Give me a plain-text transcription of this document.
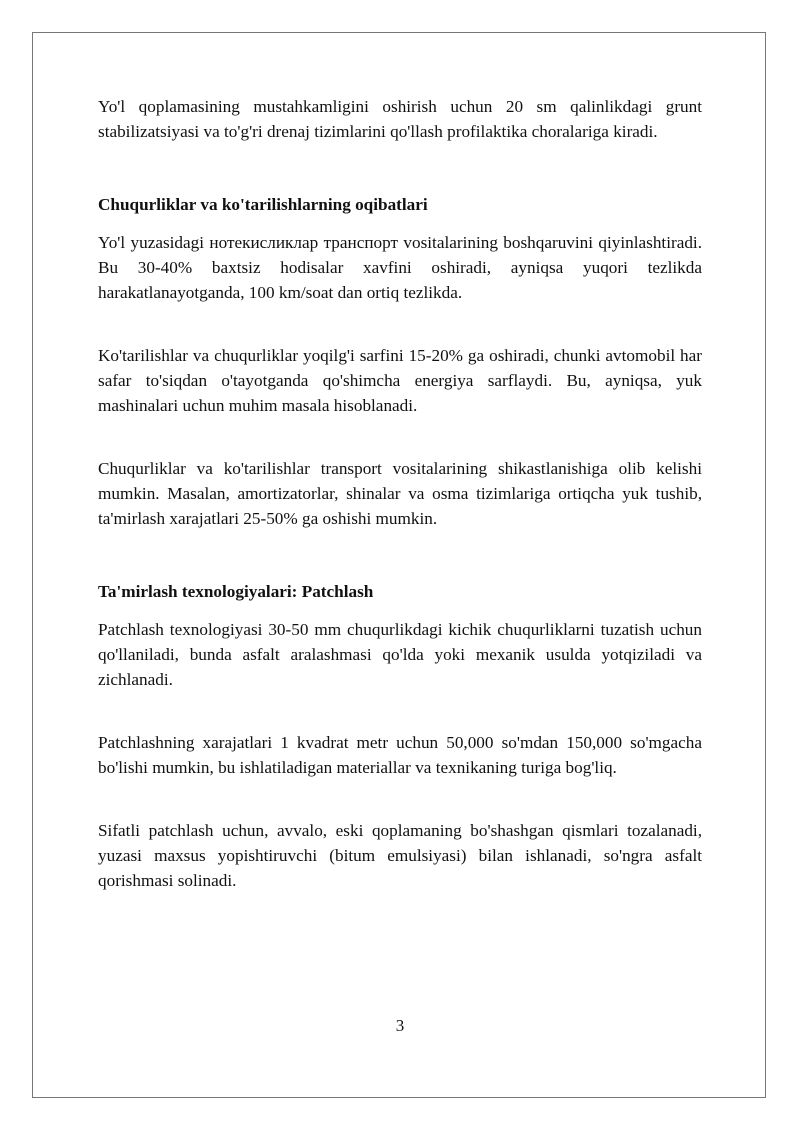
Yo'l qoplamasining mustahkamligini oshirish uchun 20 sm qalinlikdagi grunt stabilizatsiyasi va to'g'ri drenaj tizimlarini qo'llash profilaktika choralariga kiradi.

Chuqurliklar va ko'tarilishlarning oqibatlari

Yo'l yuzasidagi нотекисликлар транспорт vositalarining boshqaruvini qiyinlashtiradi. Bu 30-40% baxtsiz hodisalar xavfini oshiradi, ayniqsa yuqori tezlikda harakatlanayotganda, 100 km/soat dan ortiq tezlikda.

Ko'tarilishlar va chuqurliklar yoqilg'i sarfini 15-20% ga oshiradi, chunki avtomobil har safar to'siqdan o'tayotganda qo'shimcha energiya sarflaydi. Bu, ayniqsa, yuk mashinalari uchun muhim masala hisoblanadi.

Chuqurliklar va ko'tarilishlar transport vositalarining shikastlanishiga olib kelishi mumkin. Masalan, amortizatorlar, shinalar va osma tizimlariga ortiqcha yuk tushib, ta'mirlash xarajatlari 25-50% ga oshishi mumkin.

Ta'mirlash texnologiyalari: Patchlash

Patchlash texnologiyasi 30-50 mm chuqurlikdagi kichik chuqurliklarni tuzatish uchun qo'llaniladi, bunda asfalt aralashmasi qo'lda yoki mexanik usulda yotqiziladi va zichlanadi.

Patchlashning xarajatlari 1 kvadrat metr uchun 50,000 so'mdan 150,000 so'mgacha bo'lishi mumkin, bu ishlatiladigan materiallar va texnikaning turiga bog'liq.

Sifatli patchlash uchun, avvalo, eski qoplamaning bo'shashgan qismlari tozalanadi, yuzasi maxsus yopishtiruvchi (bitum emulsiyasi) bilan ishlanadi, so'ngra asfalt qorishmasi solinadi.

3
